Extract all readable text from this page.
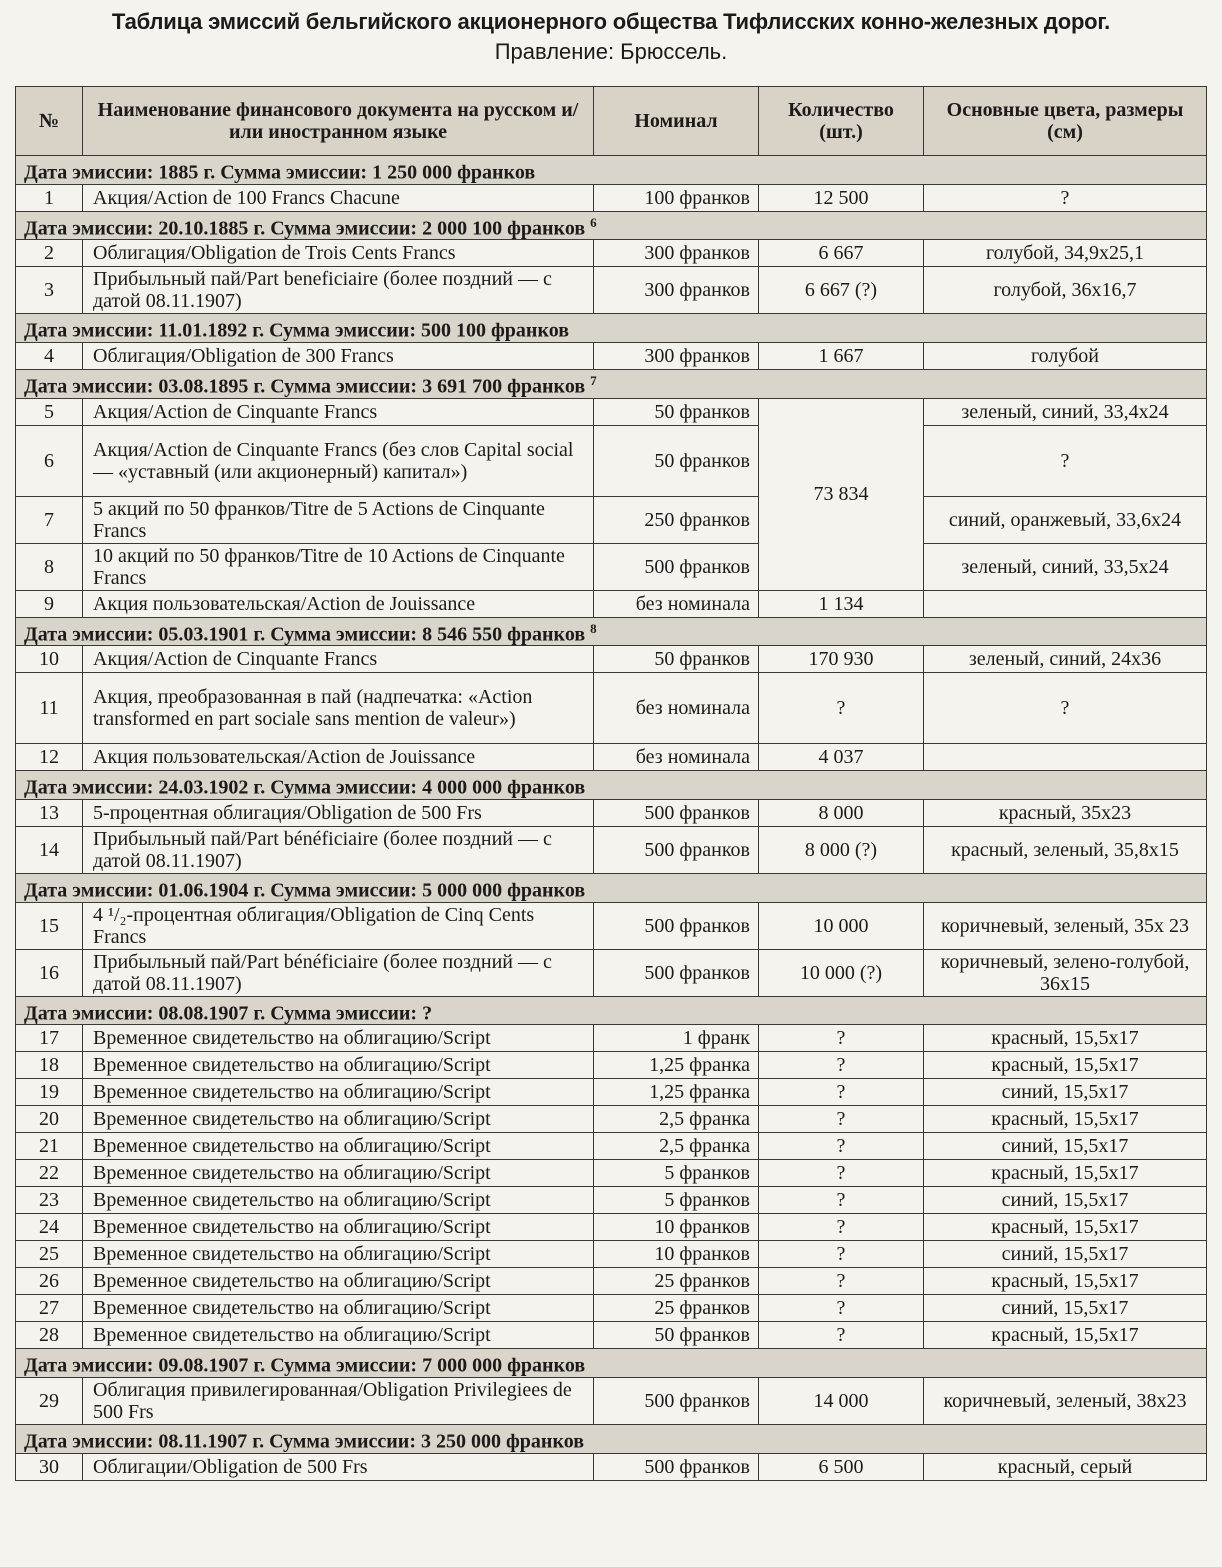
Таблица эмиссий бельгийского акционерного общества Тифлисских конно-железных дорог.
Правление: Брюссель.
№	Наименование финансового документа на русском и/или иностранном языке	Номинал	Количество (шт.)	Основные цвета, размеры (см)
Дата эмиссии: 1885 г. Сумма эмиссии: 1 250 000 франков				
1	Акция/Action de 100 Francs Chacune	100 франков	12 500	?
Дата эмиссии: 20.10.1885 г. Сумма эмиссии: 2 000 100 франков $^6$
2	Облигация/Obligation de Trois Cents Francs	300 франков	6 667	голубой, 34,9x25,1
3	Прибыльный пай/Part beneficiaire (более поздний — с датой 08.11.1907)	300 франков	6 667 (?)	голубой, 36x16,7
Дата эмиссии: 11.01.1892 г. Сумма эмиссии: 500 100 франков				
4	Облигация/Obligation de 300 Francs	300 франков	1 667	голубой
Дата эмиссии: 03.08.1895 г. Сумма эмиссии: 3 691 700 франков $^7$
5	Акция/Action de Cinquante Francs	50 франков	73 834	зеленый, синий, 33,4x24
6	Акция/Action de Cinquante Francs (без слов Capital social — «уставный (или акционерный) капитал»)	50 франков		?
7	5 акций по 50 франков/Titre de 5 Actions de Cinquante Francs	250 франков		синий, оранжевый, 33,6x24
8	10 акций по 50 франков/Titre de 10 Actions de Cinquante Francs	500 франков		зеленый, синий, 33,5x24
9	Акция пользовательская/Action de Jouissance	без номинала	1 134	
Дата эмиссии: 05.03.1901 г. Сумма эмиссии: 8 546 550 франков $^8$
10	Акция/Action de Cinquante Francs	50 франков	170 930	зеленый, синий, 24x36
11	Акция, преобразованная в пай (надпечатка: «Action transformed en part sociale sans mention de valeur»)	без номинала	?	?
12	Акция пользовательская/Action de Jouissance	без номинала	4 037	
Дата эмиссии: 24.03.1902 г. Сумма эмиссии: 4 000 000 франков				
13	5-процентная облигация/Obligation de 500 Frs	500 франков	8 000	красный, 35x23
14	Прибыльный пай/Part bénéficiaire (более поздний — с датой 08.11.1907)	500 франков	8 000 (?)	красный, зеленый, 35,8x15
Дата эмиссии: 01.06.1904 г. Сумма эмиссии: 5 000 000 франков				
15	4 ¹/₂-процентная облигация/Obligation de Cinq Cents Francs	500 франков	10 000	коричневый, зеленый, 35x 23
16	Прибыльный пай/Part bénéficiaire (более поздний — с датой 08.11.1907)	500 франков	10 000 (?)	коричневый, зелено-голубой, 36x15
Дата эмиссии: 08.08.1907 г. Сумма эмиссии: ?				
17	Временное свидетельство на облигацию/Script	1 франк	?	красный, 15,5x17
18	Временное свидетельство на облигацию/Script	1,25 франка	?	красный, 15,5x17
19	Временное свидетельство на облигацию/Script	1,25 франка	?	синий, 15,5x17
20	Временное свидетельство на облигацию/Script	2,5 франка	?	красный, 15,5x17
21	Временное свидетельство на облигацию/Script	2,5 франка	?	синий, 15,5x17
22	Временное свидетельство на облигацию/Script	5 франков	?	красный, 15,5x17
23	Временное свидетельство на облигацию/Script	5 франков	?	синий, 15,5x17
24	Временное свидетельство на облигацию/Script	10 франков	?	красный, 15,5x17
25	Временное свидетельство на облигацию/Script	10 франков	?	синий, 15,5x17
26	Временное свидетельство на облигацию/Script	25 франков	?	красный, 15,5x17
27	Временное свидетельство на облигацию/Script	25 франков	?	синий, 15,5x17
28	Временное свидетельство на облигацию/Script	50 франков	?	красный, 15,5x17
Дата эмиссии: 09.08.1907 г. Сумма эмиссии: 7 000 000 франков				
29	Облигация привилегированная/Obligation Privilegiees de 500 Frs	500 франков	14 000	коричневый, зеленый, 38x23
Дата эмиссии: 08.11.1907 г. Сумма эмиссии: 3 250 000 франков				
30	Облигации/Obligation de 500 Frs	500 франков	6 500	красный, серый
